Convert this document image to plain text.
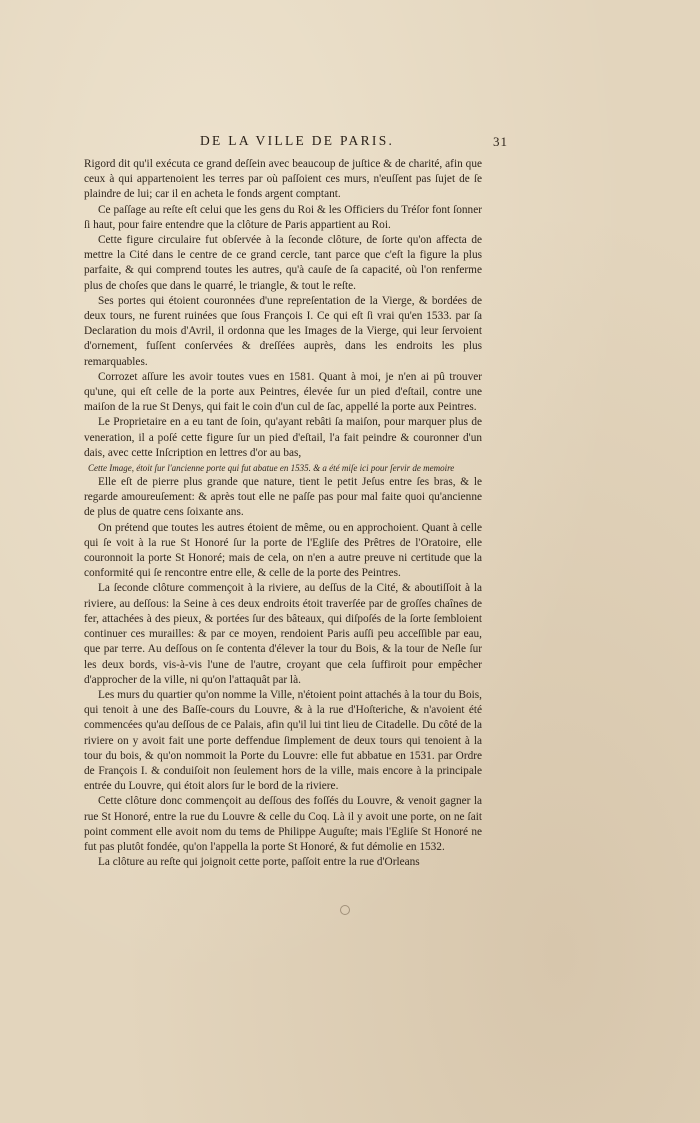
DE LA VILLE DE PARIS.	31

Rigord dit qu'il exécuta ce grand deſſein avec beaucoup de juſtice & de charité, afin que ceux à qui appartenoient les terres par où paſſoient ces murs, n'euſſent pas ſujet de ſe plaindre de lui; car il en acheta le fonds argent comptant.

Ce paſſage au reſte eſt celui que les gens du Roi & les Officiers du Tréſor font ſonner ſi haut, pour faire entendre que la clôture de Paris appartient au Roi.

Cette figure circulaire fut obſervée à la ſeconde clôture, de ſorte qu'on affecta de mettre la Cité dans le centre de ce grand cercle, tant parce que c'eſt la figure la plus parfaite, & qui comprend toutes les autres, qu'à cauſe de ſa capacité, où l'on renferme plus de choſes que dans le quarré, le triangle, & tout le reſte.

Ses portes qui étoient couronnées d'une repreſentation de la Vierge, & bordées de deux tours, ne furent ruinées que ſous François I. Ce qui eſt ſi vrai qu'en 1533. par ſa Declaration du mois d'Avril, il ordonna que les Images de la Vierge, qui leur ſervoient d'ornement, fuſſent conſervées & dreſſées auprès, dans les endroits les plus remarquables.

Corrozet aſſure les avoir toutes vues en 1581. Quant à moi, je n'en ai pû trouver qu'une, qui eſt celle de la porte aux Peintres, élevée ſur un pied d'eſtail, contre une maiſon de la rue St Denys, qui fait le coin d'un cul de ſac, appellé la porte aux Peintres.

Le Proprietaire en a eu tant de ſoin, qu'ayant rebâti ſa maiſon, pour marquer plus de veneration, il a poſé cette figure ſur un pied d'eſtail, l'a fait peindre & couronner d'un dais, avec cette Inſcription en lettres d'or au bas,

Cette Image, étoit ſur l'ancienne porte qui fut abatue en 1535. & a été miſe ici pour ſervir de memoire

Elle eſt de pierre plus grande que nature, tient le petit Jeſus entre ſes bras, & le regarde amoureuſement: & après tout elle ne paſſe pas pour mal faite quoi qu'ancienne de plus de quatre cens ſoixante ans.

On prétend que toutes les autres étoient de même, ou en approchoient. Quant à celle qui ſe voit à la rue St Honoré ſur la porte de l'Egliſe des Prêtres de l'Oratoire, elle couronnoit la porte St Honoré; mais de cela, on n'en a autre preuve ni certitude que la conformité qui ſe rencontre entre elle, & celle de la porte des Peintres.

La ſeconde clôture commençoit à la riviere, au deſſus de la Cité, & aboutiſſoit à la riviere, au deſſous: la Seine à ces deux endroits étoit traverſée par de groſſes chaînes de fer, attachées à des pieux, & portées ſur des bâteaux, qui diſpoſés de la ſorte ſembloient continuer ces murailles: & par ce moyen, rendoient Paris auſſi peu acceſſible par eau, que par terre. Au deſſous on ſe contenta d'élever la tour du Bois, & la tour de Neſle ſur les deux bords, vis-à-vis l'une de l'autre, croyant que cela ſuffiroit pour empêcher d'approcher de la ville, ni qu'on l'attaquât par là.

Les murs du quartier qu'on nomme la Ville, n'étoient point attachés à la tour du Bois, qui tenoit à une des Baſſe-cours du Louvre, & à la rue d'Hoſteriche, & n'avoient été commencées qu'au deſſous de ce Palais, afin qu'il lui tint lieu de Citadelle. Du côté de la riviere on y avoit fait une porte deffendue ſimplement de deux tours qui tenoient à la tour du bois, & qu'on nommoit la Porte du Louvre: elle fut abbatue en 1531. par Ordre de François I. & conduiſoit non ſeulement hors de la ville, mais encore à la principale entrée du Louvre, qui étoit alors ſur le bord de la riviere.

Cette clôture donc commençoit au deſſous des foſſés du Louvre, & venoit gagner la rue St Honoré, entre la rue du Louvre & celle du Coq. Là il y avoit une porte, on ne ſait point comment elle avoit nom du tems de Philippe Auguſte; mais l'Egliſe St Honoré ne fut pas plutôt fondée, qu'on l'appella la porte St Honoré, & fut démolie en 1532.

La clôture au reſte qui joignoit cette porte, paſſoit entre la rue d'Orleans
